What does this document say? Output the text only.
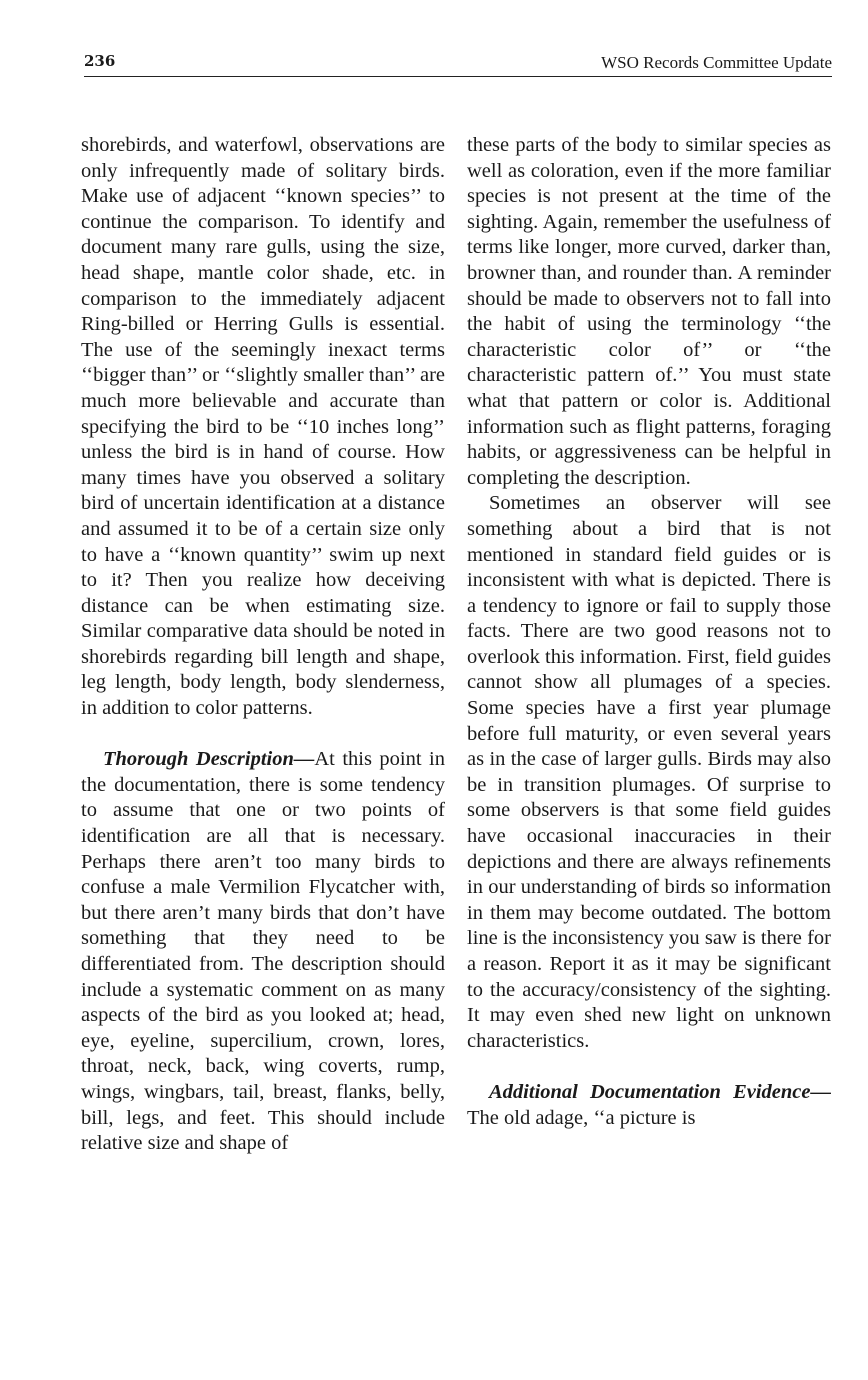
236	WSO Records Committee Update

shorebirds, and waterfowl, observations are only infrequently made of solitary birds. Make use of adjacent ‘‘known species’’ to continue the comparison. To identify and document many rare gulls, using the size, head shape, mantle color shade, etc. in comparison to the immediately adjacent Ring-billed or Herring Gulls is essential. The use of the seemingly inexact terms ‘‘bigger than’’ or ‘‘slightly smaller than’’ are much more believable and accurate than specifying the bird to be ‘‘10 inches long’’ unless the bird is in hand of course. How many times have you observed a solitary bird of uncertain identification at a distance and assumed it to be of a certain size only to have a ‘‘known quantity’’ swim up next to it? Then you realize how deceiving distance can be when estimating size. Similar comparative data should be noted in shorebirds regarding bill length and shape, leg length, body length, body slenderness, in addition to color patterns.

Thorough Description—At this point in the documentation, there is some tendency to assume that one or two points of identification are all that is necessary. Perhaps there aren’t too many birds to confuse a male Vermilion Flycatcher with, but there aren’t many birds that don’t have something that they need to be differentiated from. The description should include a systematic comment on as many aspects of the bird as you looked at; head, eye, eyeline, supercilium, crown, lores, throat, neck, back, wing coverts, rump, wings, wingbars, tail, breast, flanks, belly, bill, legs, and feet. This should include relative size and shape of

these parts of the body to similar species as well as coloration, even if the more familiar species is not present at the time of the sighting. Again, remember the usefulness of terms like longer, more curved, darker than, browner than, and rounder than. A reminder should be made to observers not to fall into the habit of using the terminology ‘‘the characteristic color of’’ or ‘‘the characteristic pattern of.’’ You must state what that pattern or color is. Additional information such as flight patterns, foraging habits, or aggressiveness can be helpful in completing the description.

Sometimes an observer will see something about a bird that is not mentioned in standard field guides or is inconsistent with what is depicted. There is a tendency to ignore or fail to supply those facts. There are two good reasons not to overlook this information. First, field guides cannot show all plumages of a species. Some species have a first year plumage before full maturity, or even several years as in the case of larger gulls. Birds may also be in transition plumages. Of surprise to some observers is that some field guides have occasional inaccuracies in their depictions and there are always refinements in our understanding of birds so information in them may become outdated. The bottom line is the inconsistency you saw is there for a reason. Report it as it may be significant to the accuracy/consistency of the sighting. It may even shed new light on unknown characteristics.

Additional Documentation Evidence—The old adage, ‘‘a picture is
